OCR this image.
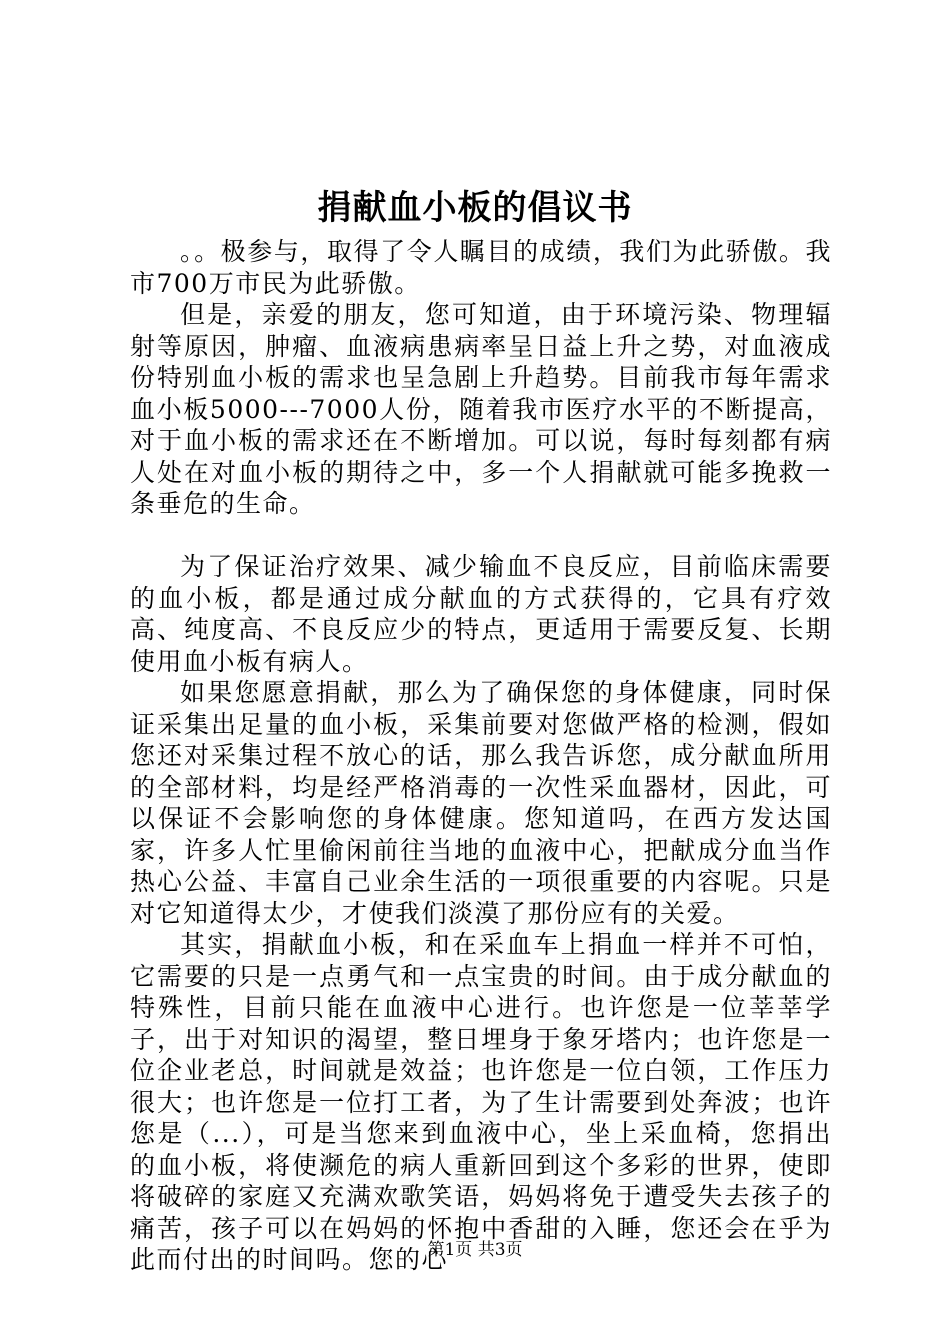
捐献血小板的倡议书

。。极参与，取得了令人瞩目的成绩，我们为此骄傲。我市700万市民为此骄傲。

但是，亲爱的朋友，您可知道，由于环境污染、物理辐射等原因，肿瘤、血液病患病率呈日益上升之势，对血液成份特别血小板的需求也呈急剧上升趋势。目前我市每年需求血小板5000---7000人份，随着我市医疗水平的不断提高，对于血小板的需求还在不断增加。可以说，每时每刻都有病人处在对血小板的期待之中，多一个人捐献就可能多挽救一条垂危的生命。

为了保证治疗效果、减少输血不良反应，目前临床需要的血小板，都是通过成分献血的方式获得的，它具有疗效高、纯度高、不良反应少的特点，更适用于需要反复、长期使用血小板有病人。

如果您愿意捐献，那么为了确保您的身体健康，同时保证采集出足量的血小板，采集前要对您做严格的检测，假如您还对采集过程不放心的话，那么我告诉您，成分献血所用的全部材料，均是经严格消毒的一次性采血器材，因此，可以保证不会影响您的身体健康。您知道吗，在西方发达国家，许多人忙里偷闲前往当地的血液中心，把献成分血当作热心公益、丰富自己业余生活的一项很重要的内容呢。只是对它知道得太少，才使我们淡漠了那份应有的关爱。

其实，捐献血小板，和在采血车上捐血一样并不可怕，它需要的只是一点勇气和一点宝贵的时间。由于成分献血的特殊性，目前只能在血液中心进行。也许您是一位莘莘学子，出于对知识的渴望，整日埋身于象牙塔内；也许您是一位企业老总，时间就是效益；也许您是一位白领，工作压力很大；也许您是一位打工者，为了生计需要到处奔波；也许您是（...），可是当您来到血液中心，坐上采血椅，您捐出的血小板，将使濒危的病人重新回到这个多彩的世界，使即将破碎的家庭又充满欢歌笑语，妈妈将免于遭受失去孩子的痛苦，孩子可以在妈妈的怀抱中香甜的入睡，您还会在乎为此而付出的时间吗。您的心

第1页 共3页
